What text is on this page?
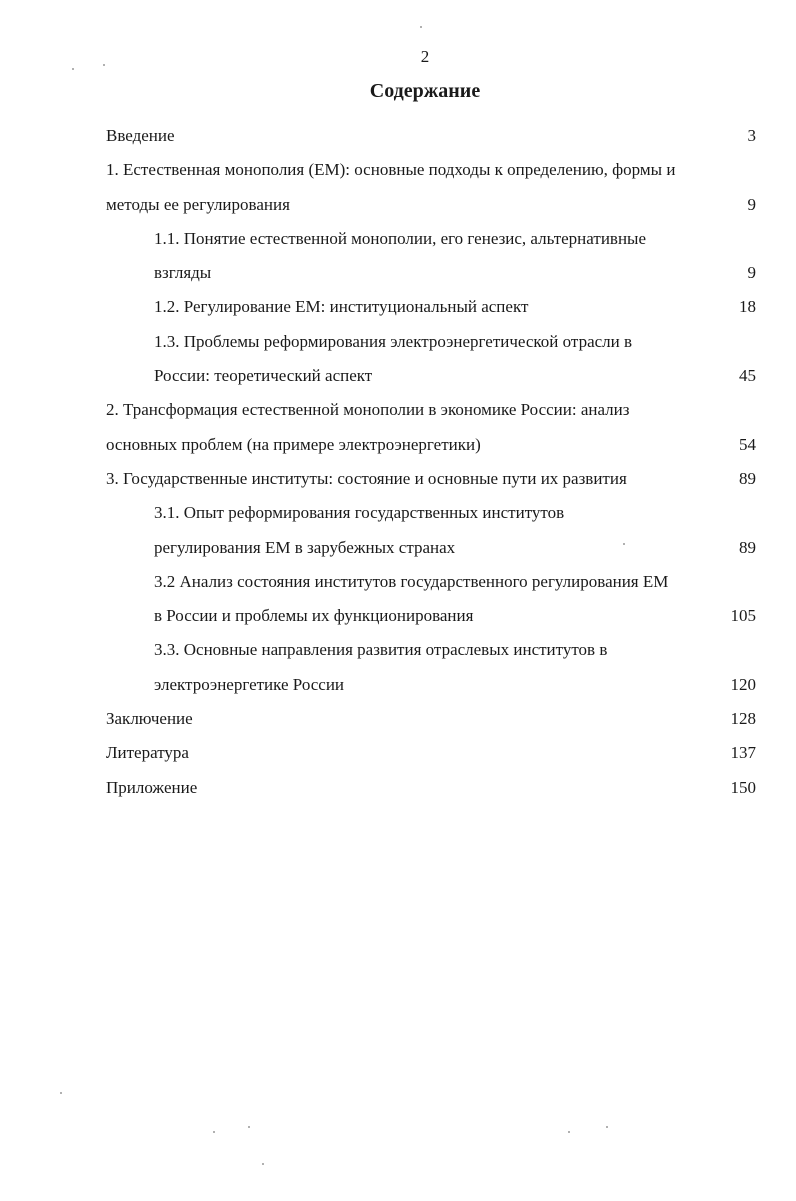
2
Содержание
Введение	3
1. Естественная монополия (ЕМ): основные подходы к определению, формы и
методы ее регулирования	9
1.1. Понятие естественной монополии, его генезис, альтернативные
взгляды	9
1.2. Регулирование ЕМ: институциональный аспект	18
1.3. Проблемы реформирования электроэнергетической отрасли в
России: теоретический аспект	45
2. Трансформация естественной монополии в экономике России: анализ
основных проблем (на примере электроэнергетики)	54
3. Государственные институты: состояние и основные пути их развития	89
3.1. Опыт реформирования государственных институтов
регулирования ЕМ в зарубежных странах	89
3.2 Анализ состояния институтов государственного регулирования ЕМ
в России и проблемы их функционирования	105
3.3. Основные направления развития отраслевых институтов в
электроэнергетике России	120
Заключение	128
Литература	137
Приложение	150
